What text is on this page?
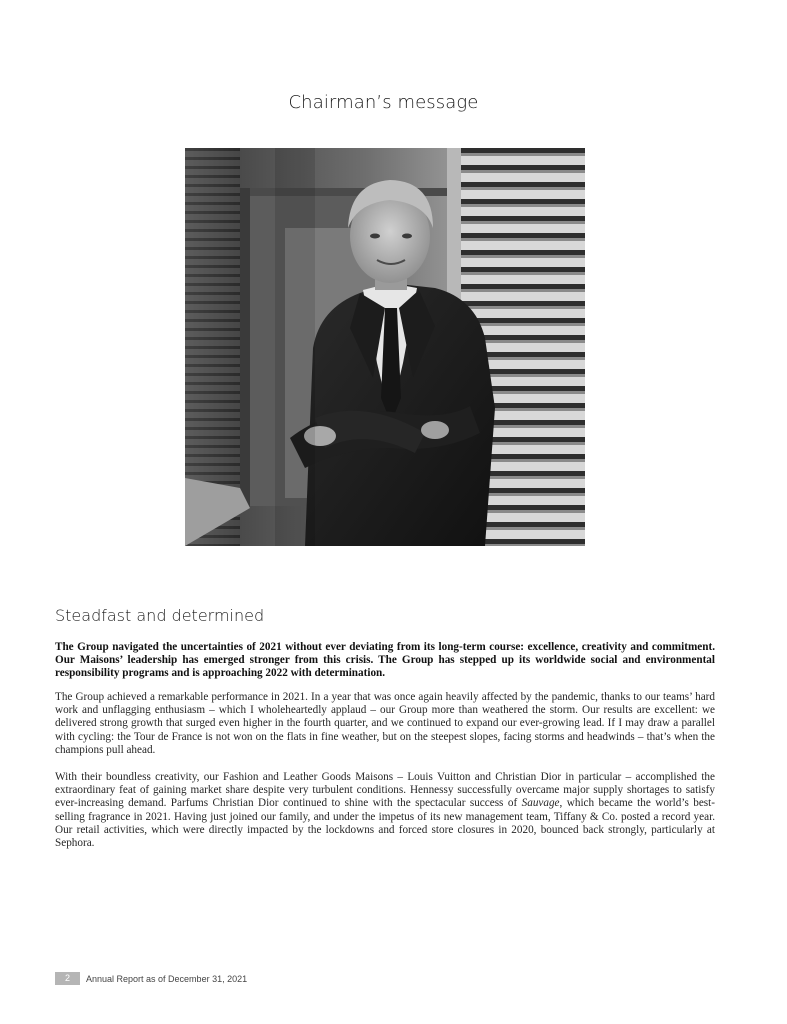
Chairman’s message
Steadfast and determined

The Group navigated the uncertainties of 2021 without ever deviating from its long-term course: excellence, creativity and commitment. Our Maisons’ leadership has emerged stronger from this crisis. The Group has stepped up its worldwide social and environmental responsibility programs and is approaching 2022 with determination.

The Group achieved a remarkable performance in 2021. In a year that was once again heavily affected by the pandemic, thanks to our teams’ hard work and unflagging enthusiasm – which I wholeheartedly applaud – our Group more than weathered the storm. Our results are excellent: we delivered strong growth that surged even higher in the fourth quarter, and we continued to expand our ever-growing lead. If I may draw a parallel with cycling: the Tour de France is not won on the flats in fine weather, but on the steepest slopes, facing storms and headwinds – that’s when the champions pull ahead.

With their boundless creativity, our Fashion and Leather Goods Maisons – Louis Vuitton and Christian Dior in particular – accomplished the extraordinary feat of gaining market share despite very turbulent conditions. Hennessy successfully overcame major supply shortages to satisfy ever-increasing demand. Parfums Christian Dior continued to shine with the spectacular success of Sauvage, which became the world’s best-selling fragrance in 2021. Having just joined our family, and under the impetus of its new management team, Tiffany & Co. posted a record year. Our retail activities, which were directly impacted by the lockdowns and forced store closures in 2020, bounced back strongly, particularly at Sephora.

2	Annual Report as of December 31, 2021
